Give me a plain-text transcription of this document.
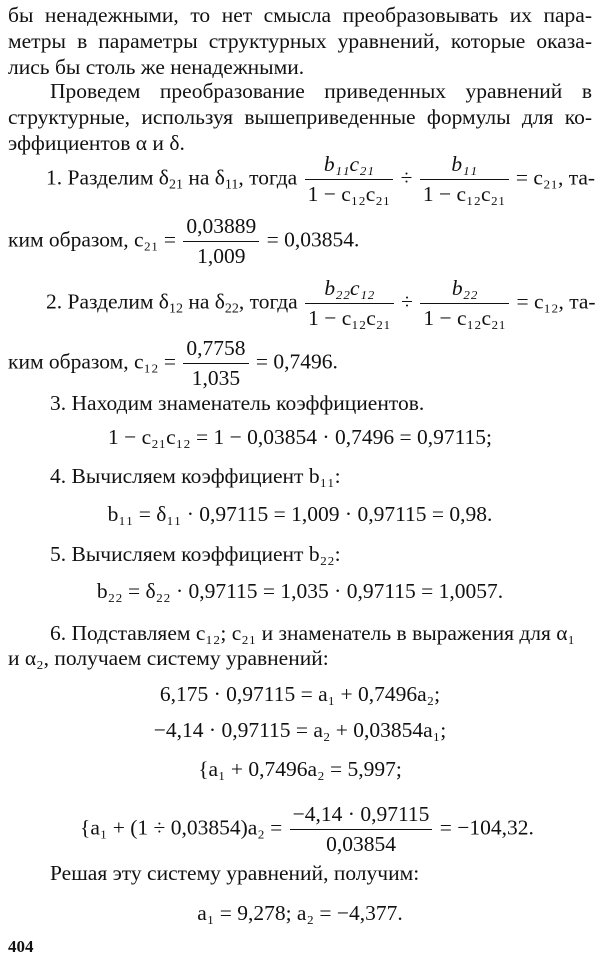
бы ненадежными, то нет смысла преобразовывать их пара-
метры в параметры структурных уравнений, которые оказа-
лись бы столь же ненадежными.
Проведем преобразование приведенных уравнений в
структурные, используя вышеприведенные формулы для ко-
эффициентов α и δ.
1. Разделим $\delta_{21}$ на $\delta_{11}$, тогда $\frac{\text{b₁₁c₂₁}}{\text{1 − c₁₂c₂₁}} \div \frac{\text{b₁₁}}{\text{1 − c₁₂c₂₁}} = c_{21}$, та-
ким образом, $c_{21} = \frac{0,03889}{1,009} = 0,03854$.
2. Разделим $\delta_{12}$ на $\delta_{22}$, тогда $\frac{\text{b₂₂c₁₂}}{\text{1 − c₁₂c₂₁}} \div \frac{\text{b₂₂}}{\text{1 − c₁₂c₂₁}} = c_{12}$, та-
ким образом, $c_{12} = \frac{0,7758}{1,035} = 0,7496$.
3. Находим знаменатель коэффициентов.
1 − c₂₁c₁₂ = 1 − 0,03854 · 0,7496 = 0,97115;
4. Вычисляем коэффициент b₁₁:
b₁₁ = δ₁₁ · 0,97115 = 1,009 · 0,97115 = 0,98.
5. Вычисляем коэффициент b₂₂:
b₂₂ = δ₂₂ · 0,97115 = 1,035 · 0,97115 = 1,0057.
6. Подставляем c₁₂; c₂₁ и знаменатель в выражения для α₁
и α₂, получаем систему уравнений:
6,175 · 0,97115 = a₁ + 0,7496a₂;
−4,14 · 0,97115 = a₂ + 0,03854a₁;
{a₁ + 0,7496a₂ = 5,997;
{$a_1 + (1 \div 0,03854)a_2 = \frac{-4,14 \cdot 0,97115}{0,03854} = -104,32$.
Решая эту систему уравнений, получим:
a₁ = 9,278; a₂ = −4,377.
404
